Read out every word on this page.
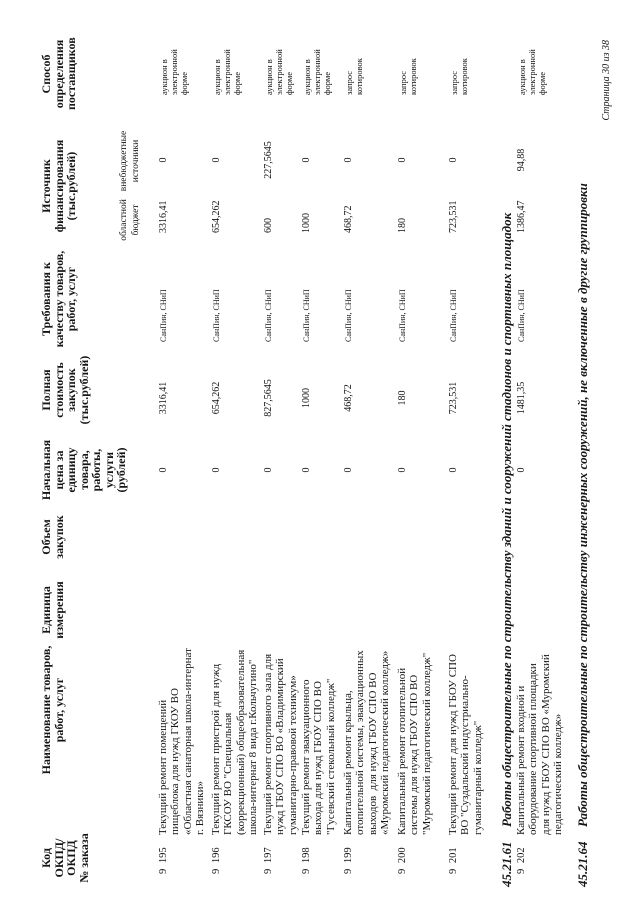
Код
ОКПД/
ОКПД
№ заказа
Наименование товаров,
работ, услуг
Единица
измерения
Объем
закупок
Начальная
цена за
единицу
товара,
работы,
услуги
(рублей)
Полная
стоимость
закупок
(тыс.рублей)
Требования к
качеству товаров,
работ, услуг
Источник
финансирования
(тыс.рублей)	областной
бюджет
внебюджетные
источники
Способ
определения
поставщиков
9 195
Текущий ремонт помещений
пищеблока для нужд ГКОУ ВО
«Областная санаторная школа-интернат
г. Вязники»
0
3316,41
СанПин, СНиП
3316,41
0
аукцион в
электронной
форме
9 196
Текущий ремонт пристрой для нужд
ГКСОУ ВО "Специальная
(коррекционный) общеобразовательная
школа-интернат 8 вида г.Кольчугино"
0
654,262
СанПин, СНиП
654,262
0
аукцион в
электронной
форме
9 197
Текущий ремонт спортивного зала для
нужд ГБОУ СПО ВО «Владимирский
гуманитарно-правовой техникум»
0
827,5645
СанПин, СНиП
600
227,5645
аукцион в
электронной
форме
9 198
Текущий ремонт эвакуационного
выхода для нужд ГБОУ СПО ВО
"Гусевский стекольный колледж"
0
1000
СанПин, СНиП
1000
0
аукцион в
электронной
форме
9 199
Капитальный ремонт крыльца,
отопительной системы, эвакуационных
выходов  для нужд ГБОУ СПО ВО
«Муромский педагогический колледж»
0
468,72
СанПин, СНиП
468,72
0
запрос
котировок
9 200
Капитальный ремонт отопительной
системы для нужд ГБОУ СПО ВО
"Муромский педагогический колледж"
0
180
СанПин, СНиП
180
0
запрос
котировок
9 201
Текущий ремонт для нужд ГБОУ СПО
ВО "Суздальский индустриально-
гуманитарный колледж"
0
723,531
СанПин, СНиП
723,531
0
запрос
котировок

45.21.61

Работы общестроительные по строительству зданий и сооружений стадионов и спортивных площадок

9 202
Капитальный ремонт входной и
оборудование спортивной площадки
для нужд ГБОУ СПО ВО «Муромский
педагогический колледж»
0
1481,35
СанПин, СНиП
1386,47
94,88
аукцион в
электронной
форме

45.21.64

Работы общестроительные по строительству инженерных сооружений, не включенные в другие группировки

Страница 30 из 38
